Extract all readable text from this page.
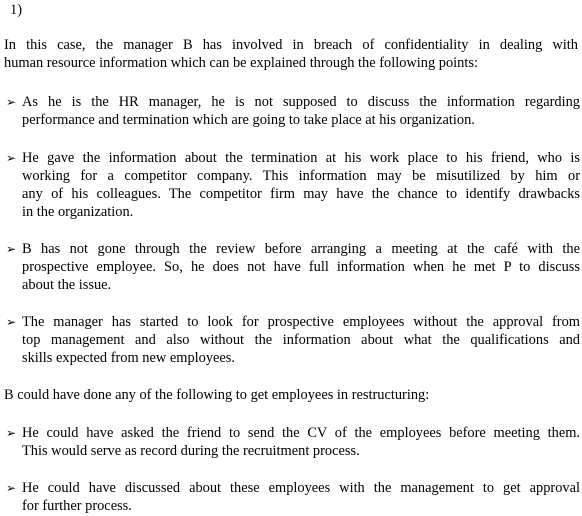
1)
In this case, the manager B has involved in breach of confidentiality in dealing with
human resource information which can be explained through the following points:
➢ As he is the HR manager, he is not supposed to discuss the information regarding
performance and termination which are going to take place at his organization.
➢ He gave the information about the termination at his work place to his friend, who is
working for a competitor company. This information may be misutilized by him or
any of his colleagues. The competitor firm may have the chance to identify drawbacks
in the organization.
➢ B has not gone through the review before arranging a meeting at the café with the
prospective employee. So, he does not have full information when he met P to discuss
about the issue.
➢ The manager has started to look for prospective employees without the approval from
top management and also without the information about what the qualifications and
skills expected from new employees.
B could have done any of the following to get employees in restructuring:
➢ He could have asked the friend to send the CV of the employees before meeting them.
This would serve as record during the recruitment process.
➢ He could have discussed about these employees with the management to get approval
for further process.
